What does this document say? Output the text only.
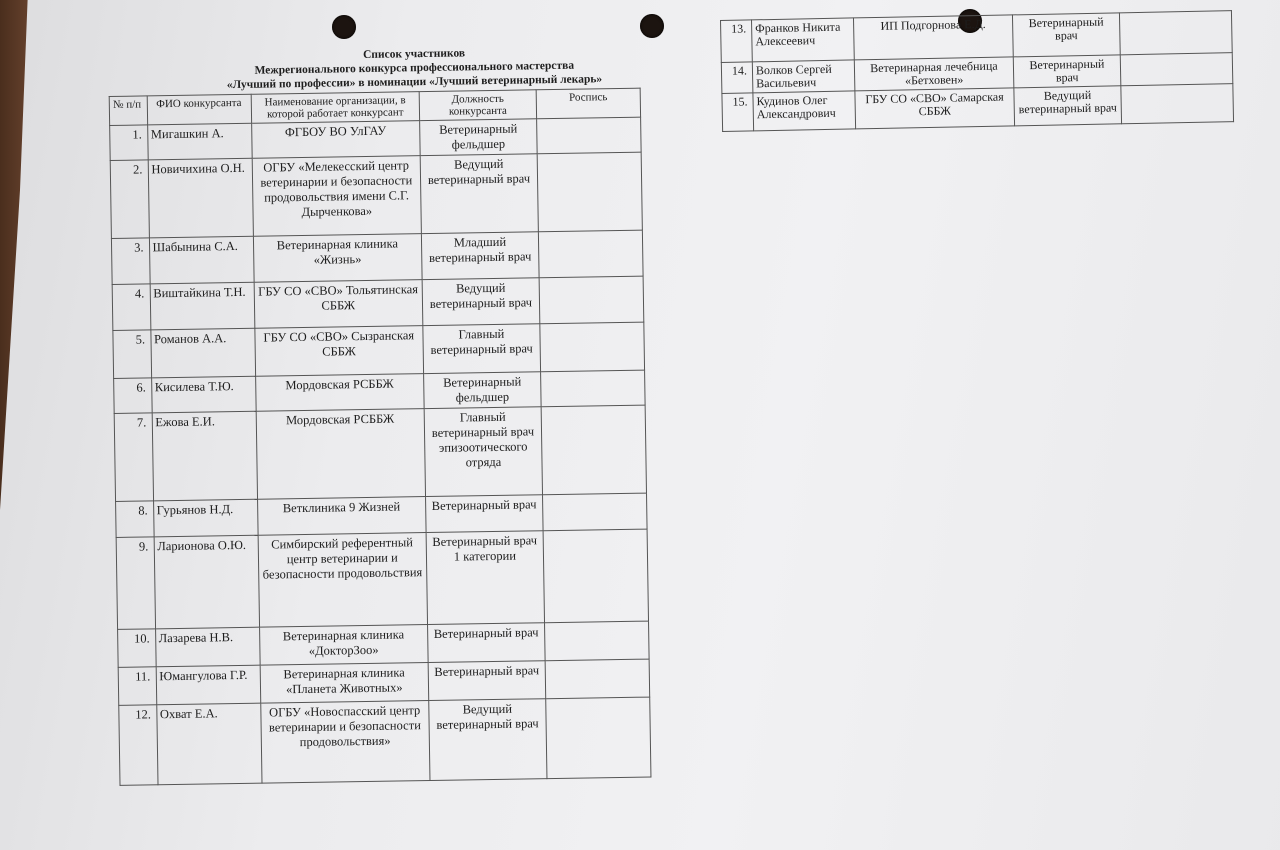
Список участников
Межрегионального конкурса профессионального мастерства
«Лучший по профессии» в номинации «Лучший ветеринарный лекарь»
№ п/п	ФИО конкурсанта	Наименование организации, в которой работает конкурсант	Должность конкурсанта	Роспись
1.	Мигашкин А.	ФГБОУ ВО УлГАУ	Ветеринарный фельдшер	
2.	Новичихина О.Н.	ОГБУ «Мелекесский центр ветеринарии и безопасности продовольствия имени С.Г. Дырченкова»	Ведущий ветеринарный врач	
3.	Шабынина С.А.	Ветеринарная клиника «Жизнь»	Младший ветеринарный врач	
4.	Виштайкина Т.Н.	ГБУ СО «СВО» Тольятинская СББЖ	Ведущий ветеринарный врач	
5.	Романов А.А.	ГБУ СО «СВО» Сызранская СББЖ	Главный ветеринарный врач	
6.	Кисилева Т.Ю.	Мордовская РСББЖ	Ветеринарный фельдшер	
7.	Ежова Е.И.	Мордовская РСББЖ	Главный ветеринарный врач эпизоотического отряда	
8.	Гурьянов Н.Д.	Ветклиника 9 Жизней	Ветеринарный врач	
9.	Ларионова О.Ю.	Симбирский референтный центр ветеринарии и безопасности продовольствия	Ветеринарный врач 1 категории	
10.	Лазарева Н.В.	Ветеринарная клиника «ДокторЗоо»	Ветеринарный врач	
11.	Юмангулова Г.Р.	Ветеринарная клиника «Планета Животных»	Ветеринарный врач	
12.	Охват Е.А.	ОГБУ «Новоспасский центр ветеринарии и безопасности продовольствия»	Ведущий ветеринарный врач	
13.	Франков Никита Алексеевич	ИП Подгорнова Е.Д.	Ветеринарный врач	
14.	Волков Сергей Васильевич	Ветеринарная лечебница «Бетховен»	Ветеринарный врач	
15.	Кудинов Олег Александрович	ГБУ СО «СВО» Самарская СББЖ	Ведущий ветеринарный врач	
